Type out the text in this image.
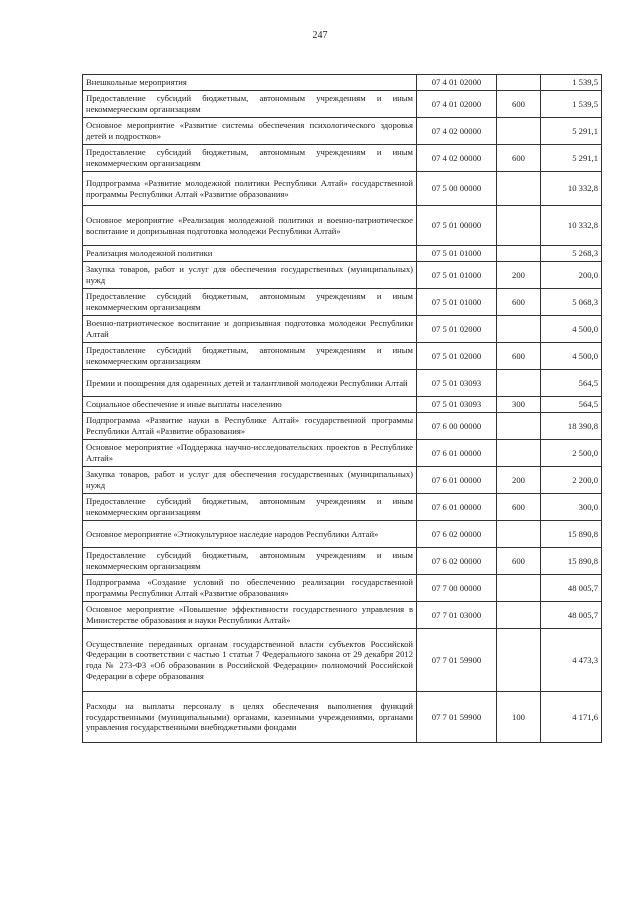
247
Внешкольные мероприятия	07 4 01 02000		1 539,5
Предоставление субсидий бюджетным, автономным учреждениям и иным некоммерческим организациям	07 4 01 02000	600	1 539,5
Основное мероприятие «Развитие системы обеспечения психологического здоровья детей и подростков»	07 4 02 00000		5 291,1
Предоставление субсидий бюджетным, автономным учреждениям и иным некоммерческим организациям	07 4 02 00000	600	5 291,1
Подпрограмма «Развитие молодежной политики Республики Алтай» государственной программы Республики Алтай «Развитие образования»	07 5 00 00000		10 332,8
Основное мероприятие «Реализация молодежной политики и военно-патриотическое воспитание и допризывная подготовка молодежи Республики Алтай»	07 5 01 00000		10 332,8
Реализация молодежной политики	07 5 01 01000		5 268,3
Закупка товаров, работ и услуг для обеспечения государственных (муниципальных) нужд	07 5 01 01000	200	200,0
Предоставление субсидий бюджетным, автономным учреждениям и иным некоммерческим организациям	07 5 01 01000	600	5 068,3
Военно-патриотическое воспитание и допризывная подготовка молодежи Республики Алтай	07 5 01 02000		4 500,0
Предоставление субсидий бюджетным, автономным учреждениям и иным некоммерческим организациям	07 5 01 02000	600	4 500,0
Премии и поощрения для одаренных детей и талантливой молодежи Республики Алтай	07 5 01 03093		564,5
Социальное обеспечение и иные выплаты населению	07 5 01 03093	300	564,5
Подпрограмма «Развитие науки в Республике Алтай» государственной программы Республики Алтай «Развитие образования»	07 6 00 00000		18 390,8
Основное мероприятие «Поддержка научно-исследовательских проектов в Республике Алтай»	07 6 01 00000		2 500,0
Закупка товаров, работ и услуг для обеспечения государственных (муниципальных) нужд	07 6 01 00000	200	2 200,0
Предоставление субсидий бюджетным, автономным учреждениям и иным некоммерческим организациям	07 6 01 00000	600	300,0
Основное мероприятие «Этнокультурное наследие народов Республики Алтай»	07 6 02 00000		15 890,8
Предоставление субсидий бюджетным, автономным учреждениям и иным некоммерческим организациям	07 6 02 00000	600	15 890,8
Подпрограмма «Создание условий по обеспечению реализации государственной программы Республики Алтай «Развитие образования»	07 7 00 00000		48 005,7
Основное мероприятие «Повышение эффективности государственного управления в Министерстве образования и науки Республики Алтай»	07 7 01 03000		48 005,7
Осуществление переданных органам государственной власти субъектов Российской Федерации в соответствии с частью 1 статьи 7 Федерального закона от 29 декабря 2012 года № 273-ФЗ «Об образовании в Российской Федерации» полномочий Российской Федерации в сфере образования	07 7 01 59900		4 473,3
Расходы на выплаты персоналу в целях обеспечения выполнения функций государственными (муниципальными) органами, казенными учреждениями, органами управления государственными внебюджетными фондами	07 7 01 59900	100	4 171,6
